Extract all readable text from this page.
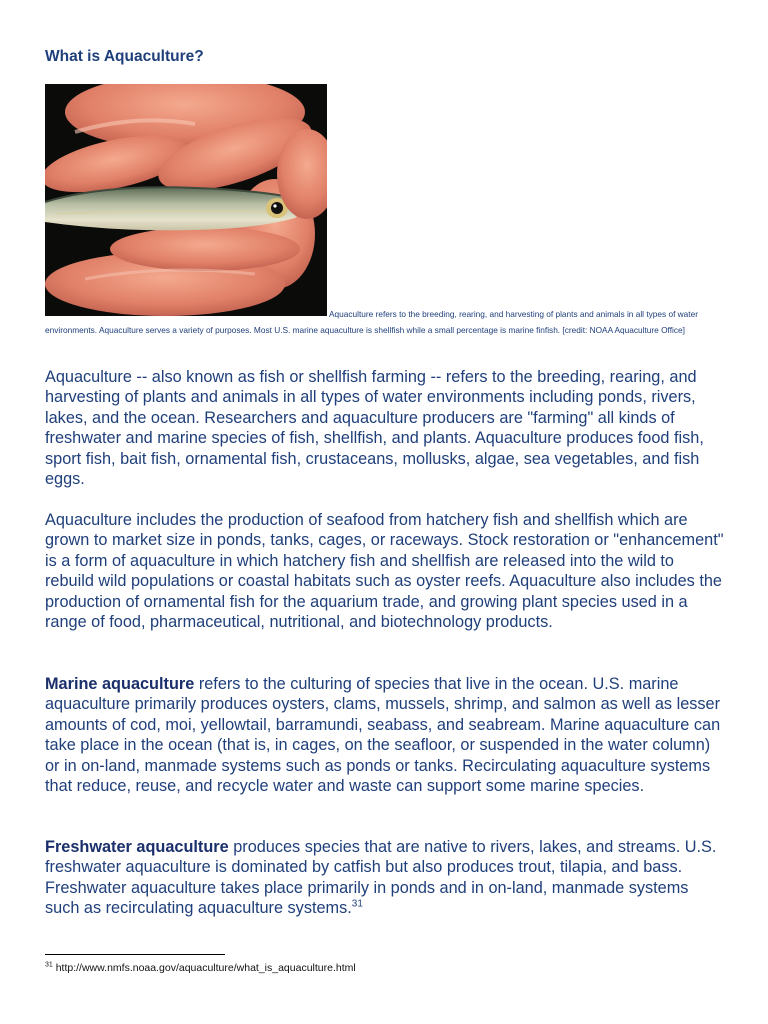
What is Aquaculture?

Aquaculture refers to the breeding, rearing, and harvesting of plants and animals in all types of water environments. Aquaculture serves a variety of purposes. Most U.S. marine aquaculture is shellfish while a small percentage is marine finfish. [credit: NOAA Aquaculture Office]

Aquaculture -- also known as fish or shellfish farming -- refers to the breeding, rearing, and harvesting of plants and animals in all types of water environments including ponds, rivers, lakes, and the ocean. Researchers and aquaculture producers are "farming" all kinds of freshwater and marine species of fish, shellfish, and plants. Aquaculture produces food fish, sport fish, bait fish, ornamental fish, crustaceans, mollusks, algae, sea vegetables, and fish eggs.

Aquaculture includes the production of seafood from hatchery fish and shellfish which are grown to market size in ponds, tanks, cages, or raceways. Stock restoration or "enhancement" is a form of aquaculture in which hatchery fish and shellfish are released into the wild to rebuild wild populations or coastal habitats such as oyster reefs. Aquaculture also includes the production of ornamental fish for the aquarium trade, and growing plant species used in a range of food, pharmaceutical, nutritional, and biotechnology products.

Marine aquaculture refers to the culturing of species that live in the ocean. U.S. marine aquaculture primarily produces oysters, clams, mussels, shrimp, and salmon as well as lesser amounts of cod, moi, yellowtail, barramundi, seabass, and seabream. Marine aquaculture can take place in the ocean (that is, in cages, on the seafloor, or suspended in the water column) or in on-land, manmade systems such as ponds or tanks. Recirculating aquaculture systems that reduce, reuse, and recycle water and waste can support some marine species.

Freshwater aquaculture produces species that are native to rivers, lakes, and streams. U.S. freshwater aquaculture is dominated by catfish but also produces trout, tilapia, and bass. Freshwater aquaculture takes place primarily in ponds and in on-land, manmade systems such as recirculating aquaculture systems.$^{31}$

$^{31}$ http://www.nmfs.noaa.gov/aquaculture/what_is_aquaculture.html
